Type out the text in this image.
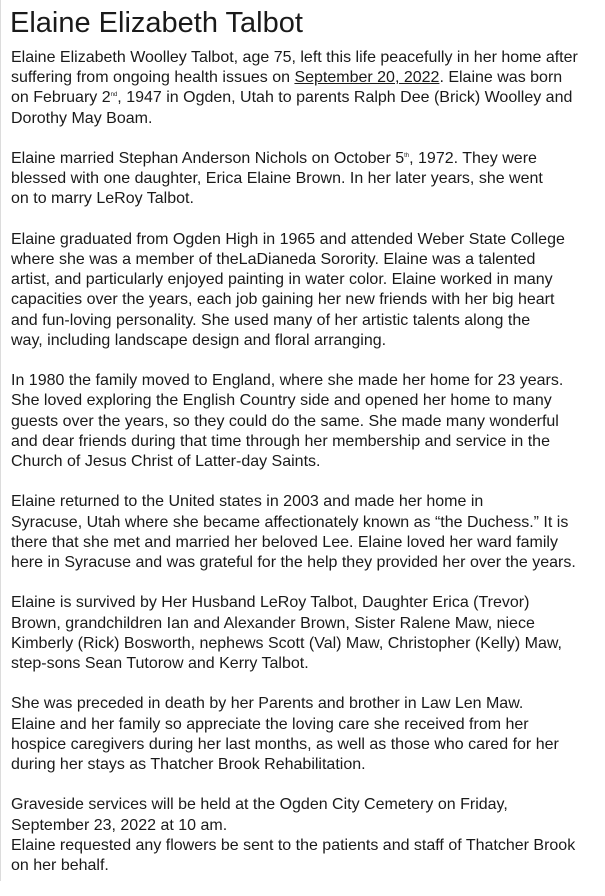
Elaine Elizabeth Talbot

Elaine Elizabeth Woolley Talbot, age 75, left this life peacefully in her home after
suffering from ongoing health issues on September 20, 2022. Elaine was born
on February 2nd, 1947 in Ogden, Utah to parents Ralph Dee (Brick) Woolley and
Dorothy May Boam.

Elaine married Stephan Anderson Nichols on October 5th, 1972. They were
blessed with one daughter, Erica Elaine Brown. In her later years, she went
on to marry LeRoy Talbot.

Elaine graduated from Ogden High in 1965 and attended Weber State College
where she was a member of theLaDianeda Sorority. Elaine was a talented
artist, and particularly enjoyed painting in water color. Elaine worked in many
capacities over the years, each job gaining her new friends with her big heart
and fun-loving personality. She used many of her artistic talents along the
way, including landscape design and floral arranging.

In 1980 the family moved to England, where she made her home for 23 years.
She loved exploring the English Country side and opened her home to many
guests over the years, so they could do the same. She made many wonderful
and dear friends during that time through her membership and service in the
Church of Jesus Christ of Latter-day Saints.

Elaine returned to the United states in 2003 and made her home in
Syracuse, Utah where she became affectionately known as “the Duchess.” It is
there that she met and married her beloved Lee. Elaine loved her ward family
here in Syracuse and was grateful for the help they provided her over the years.

Elaine is survived by Her Husband LeRoy Talbot, Daughter Erica (Trevor)
Brown, grandchildren Ian and Alexander Brown, Sister Ralene Maw, niece
Kimberly (Rick) Bosworth, nephews Scott (Val) Maw, Christopher (Kelly) Maw,
step-sons Sean Tutorow and Kerry Talbot.

She was preceded in death by her Parents and brother in Law Len Maw.
Elaine and her family so appreciate the loving care she received from her
hospice caregivers during her last months, as well as those who cared for her
during her stays as Thatcher Brook Rehabilitation.

Graveside services will be held at the Ogden City Cemetery on Friday,
September 23, 2022 at 10 am.
Elaine requested any flowers be sent to the patients and staff of Thatcher Brook
on her behalf.
